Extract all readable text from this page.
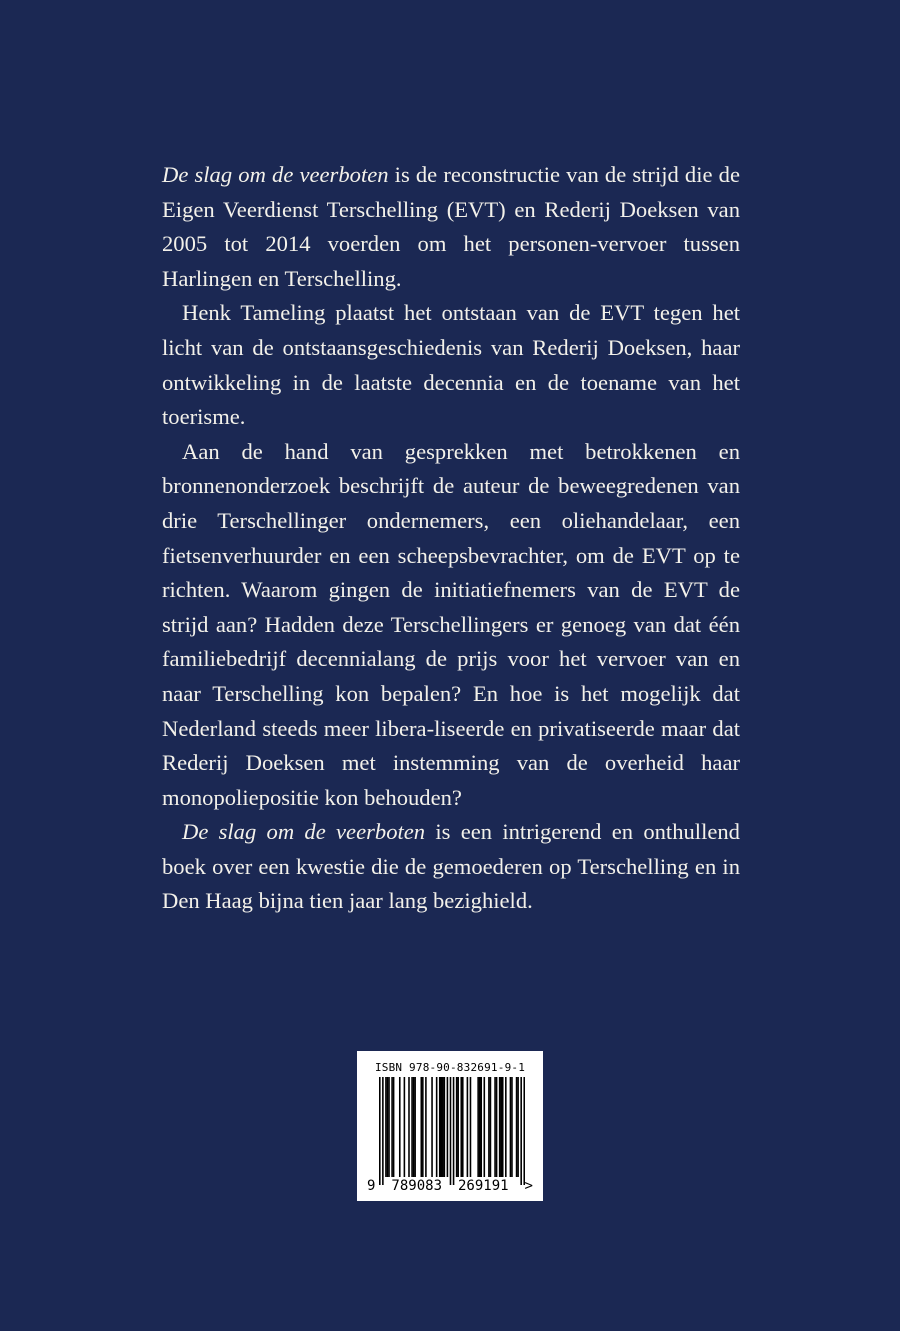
De slag om de veerboten is de reconstructie van de strijd die de Eigen Veerdienst Terschelling (EVT) en Rederij Doeksen van 2005 tot 2014 voerden om het personen-vervoer tussen Harlingen en Terschelling.

Henk Tameling plaatst het ontstaan van de EVT tegen het licht van de ontstaansgeschiedenis van Rederij Doeksen, haar ontwikkeling in de laatste decennia en de toename van het toerisme.

Aan de hand van gesprekken met betrokkenen en bronnenonderzoek beschrijft de auteur de beweegredenen van drie Terschellinger ondernemers, een oliehandelaar, een fietsenverhuurder en een scheepsbevrachter, om de EVT op te richten. Waarom gingen de initiatiefnemers van de EVT de strijd aan? Hadden deze Terschellingers er genoeg van dat één familiebedrijf decennialang de prijs voor het vervoer van en naar Terschelling kon bepalen? En hoe is het mogelijk dat Nederland steeds meer libera-liseerde en privatiseerde maar dat Rederij Doeksen met instemming van de overheid haar monopoliepositie kon behouden?

De slag om de veerboten is een intrigerend en onthullend boek over een kwestie die de gemoederen op Terschelling en in Den Haag bijna tien jaar lang bezighield.

ISBN 978-90-832691-9-1
9 789083 269191 >
